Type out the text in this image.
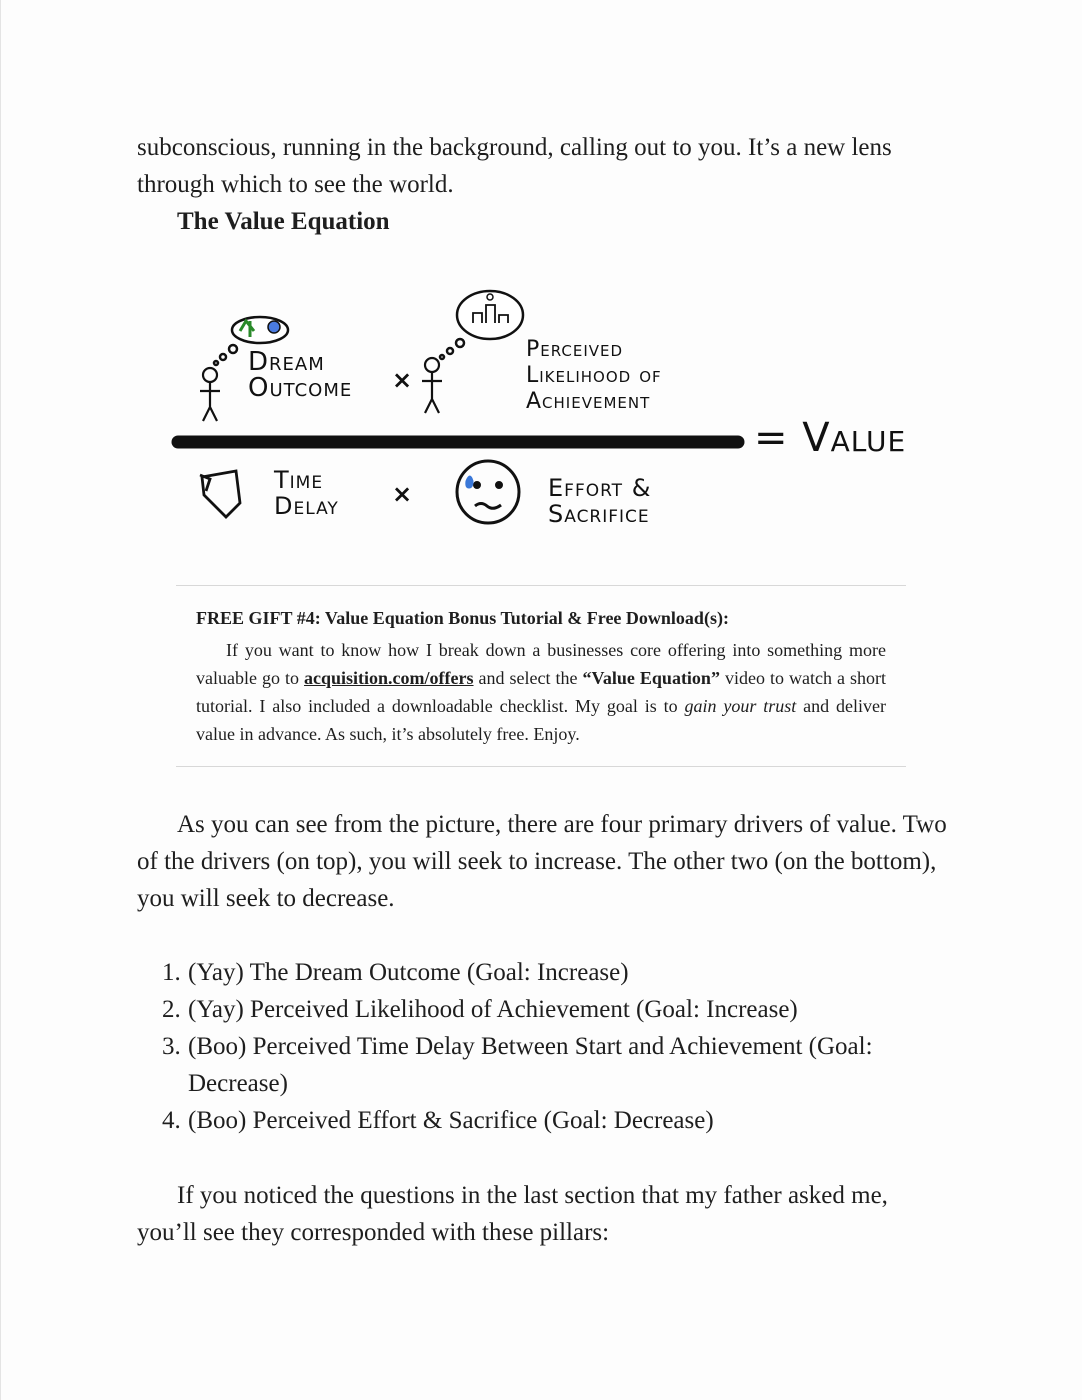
subconscious, running in the background, calling out to you. It’s a new lens

through which to see the world.

The Value Equation

Dream
Outcome ×
Perceived
Likelihood of
Achievement
= Value
Time
Delay ×	Effort &
Sacrifice

FREE GIFT #4: Value Equation Bonus Tutorial & Free Download(s):

If you want to know how I break down a businesses core offering into something more valuable go to acquisition.com/offers and select the “Value Equation” video to watch a short tutorial. I also included a downloadable checklist. My goal is to gain your trust and deliver value in advance. As such, it’s absolutely free. Enjoy.

As you can see from the picture, there are four primary drivers of value. Two of the drivers (on top), you will seek to increase. The other two (on the bottom), you will seek to decrease.

1. (Yay) The Dream Outcome (Goal: Increase)
2. (Yay) Perceived Likelihood of Achievement (Goal: Increase)
3. (Boo) Perceived Time Delay Between Start and Achievement (Goal: Decrease)
4. (Boo) Perceived Effort & Sacrifice (Goal: Decrease)

If you noticed the questions in the last section that my father asked me, you’ll see they corresponded with these pillars:
